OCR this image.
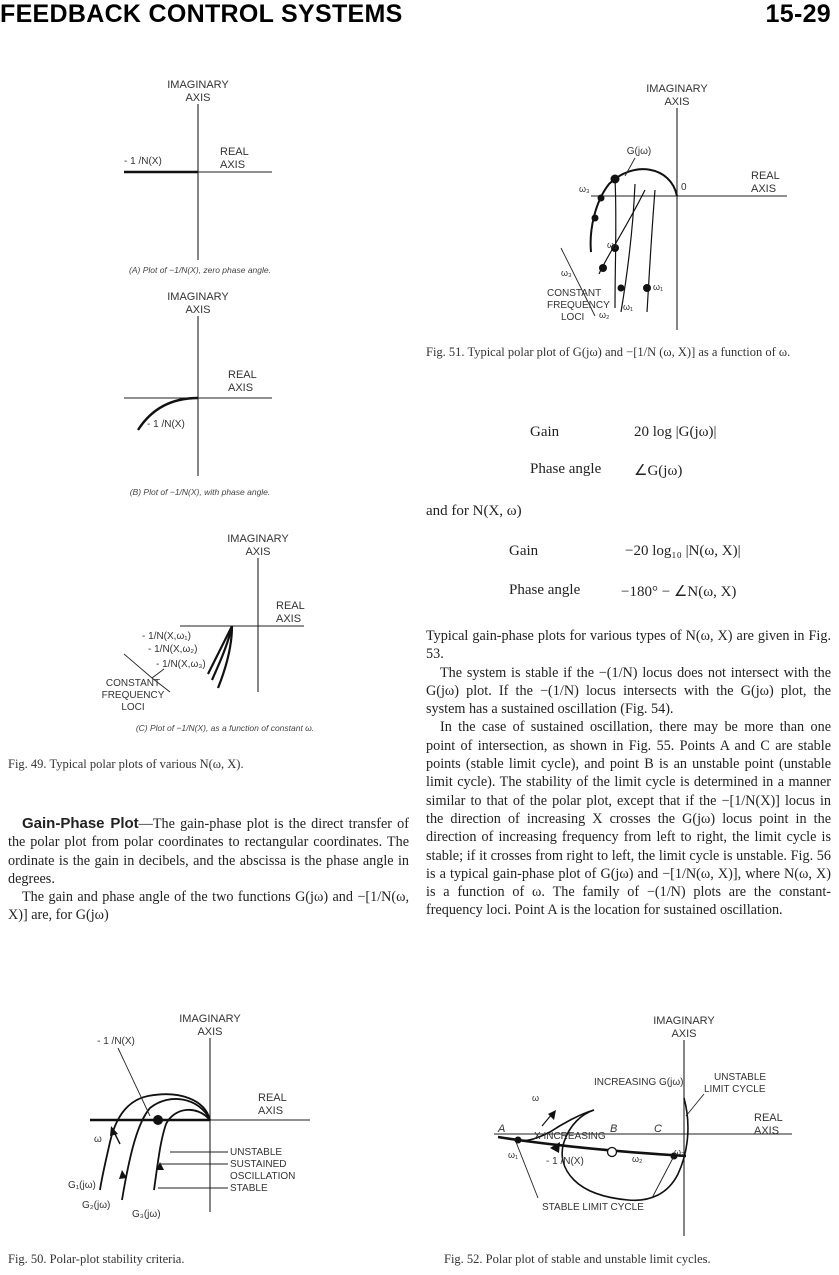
FEEDBACK CONTROL SYSTEMS	15-29
IMAGINARY
AXIS
- 1 /N(X)
REAL
AXIS
(A) Plot of −1/N(X), zero phase angle.
IMAGINARY
AXIS
- 1 /N(X)
REAL
AXIS
(B) Plot of −1/N(X), with phase angle.
IMAGINARY
AXIS
- 1/N(X,ω₁)
- 1/N(X,ω₂)
- 1/N(X,ω₃)
CONSTANT
FREQUENCY
LOCI
REAL
AXIS
(C) Plot of −1/N(X), as a function of constant ω.
Fig. 49. Typical polar plots of various N(ω, X).

Gain-Phase Plot—The gain-phase plot is the direct transfer of the polar plot from polar coordinates to rectangular coordinates. The ordinate is the gain in decibels, and the abscissa is the phase angle in degrees.

The gain and phase angle of the two functions G(jω) and −[1/N(ω, X)] are, for G(jω)

IMAGINARY
AXIS
- 1 /N(X)
REAL
AXIS
ω
G₁(jω)
G₂(jω)
G₃(jω)
UNSTABLE
SUSTAINED
OSCILLATION
STABLE
Fig. 50. Polar-plot stability criteria.
IMAGINARY
AXIS
G(jω)
ω₃	0
REAL
AXIS
ω₃
ω₂
ω₁
ω₂
ω₁
CONSTANT
FREQUENCY
LOCI
Fig. 51. Typical polar plot of G(jω) and −[1/N (ω, X)] as a function of ω.
Gain	20 log |G(jω)|
Phase angle ∠G(jω)
and for N(X, ω)
Gain	−20 log₁₀ |N(ω, X)|
Phase angle	−180° − ∠N(ω, X)

Typical gain-phase plots for various types of N(ω, X) are given in Fig. 53.

The system is stable if the −(1/N) locus does not intersect with the G(jω) plot. If the −(1/N) locus intersects with the G(jω) plot, the system has a sustained oscillation (Fig. 54).

In the case of sustained oscillation, there may be more than one point of intersection, as shown in Fig. 55. Points A and C are stable points (stable limit cycle), and point B is an unstable point (unstable limit cycle). The stability of the limit cycle is determined in a manner similar to that of the polar plot, except that if the −[1/N(X)] locus in the direction of increasing X crosses the G(jω) locus point in the direction of increasing frequency from left to right, the limit cycle is stable; if it crosses from right to left, the limit cycle is unstable. Fig. 56 is a typical gain-phase plot of G(jω) and −[1/N(ω, X)], where N(ω, X) is a function of ω. The family of −(1/N) plots are the constant-frequency loci. Point A is the location for sustained oscillation.

IMAGINARY
AXIS
INCREASING G(jω)
ω
UNSTABLE
LIMIT CYCLE
REAL
AXIS
A	B	C
X INCREASING
ω₁	ω₂
ω₃
- 1 /N(X)
STABLE LIMIT CYCLE
Fig. 52. Polar plot of stable and unstable limit cycles.
